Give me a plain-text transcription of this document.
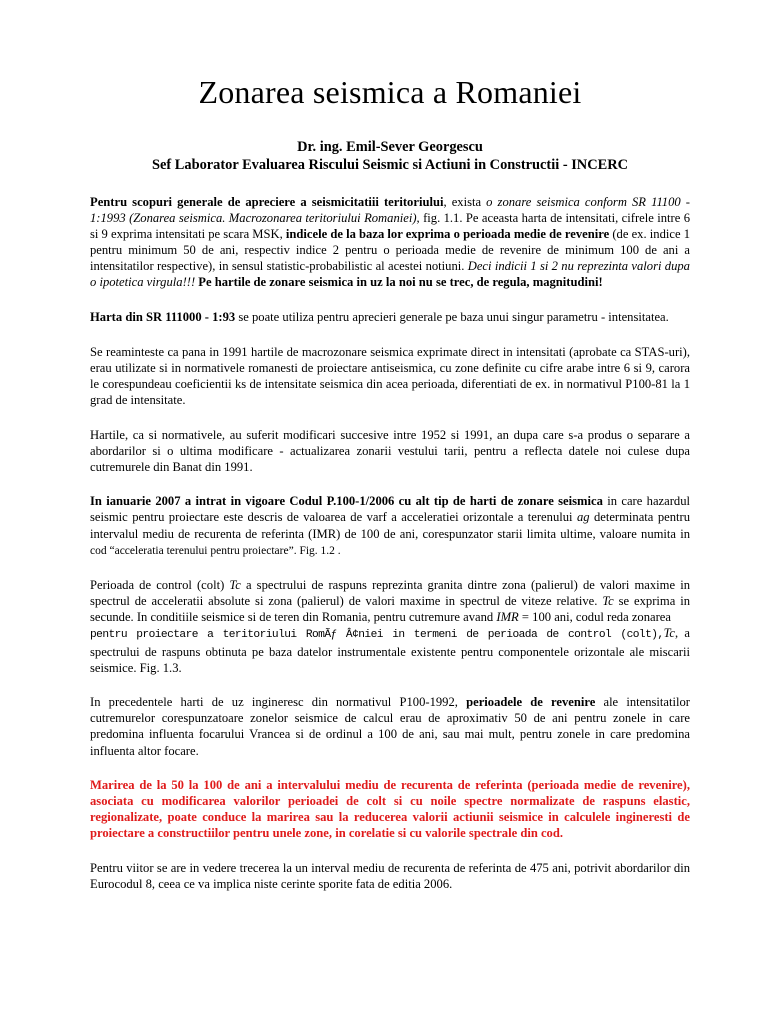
Zonarea seismica a Romaniei
Dr. ing. Emil-Sever Georgescu
Sef Laborator Evaluarea Riscului Seismic si Actiuni in Constructii - INCERC

Pentru scopuri generale de apreciere a seismicitatiii teritoriului, exista o zonare seismica conform SR 11100 - 1:1993 (Zonarea seismica. Macrozonarea teritoriului Romaniei), fig. 1.1. Pe aceasta harta de intensitati, cifrele intre 6 si 9 exprima intensitati pe scara MSK, indicele de la baza lor exprima o perioada medie de revenire (de ex. indice 1 pentru minimum 50 de ani, respectiv indice 2 pentru o perioada medie de revenire de minimum 100 de ani a intensitatilor respective), in sensul statistic-probabilistic al acestei notiuni. Deci indicii 1 si 2 nu reprezinta valori dupa o ipotetica virgula!!! Pe hartile de zonare seismica in uz la noi nu se trec, de regula, magnitudini!

Harta din SR 111000 - 1:93 se poate utiliza pentru aprecieri generale pe baza unui singur parametru - intensitatea.

Se reaminteste ca pana in 1991 hartile de macrozonare seismica exprimate direct in intensitati (aprobate ca STAS-uri), erau utilizate si in normativele romanesti de proiectare antiseismica, cu zone definite cu cifre arabe intre 6 si 9, carora le corespundeau coeficientii ks de intensitate seismica din acea perioada, diferentiati de ex. in normativul P100-81 la 1 grad de intensitate.

Hartile, ca si normativele, au suferit modificari succesive intre 1952 si 1991, an dupa care s-a produs o separare a abordarilor si o ultima modificare - actualizarea zonarii vestului tarii, pentru a reflecta datele noi culese dupa cutremurele din Banat din 1991.

In ianuarie 2007 a intrat in vigoare Codul P.100-1/2006 cu alt tip de harti de zonare seismica in care hazardul seismic pentru proiectare este descris de valoarea de varf a acceleratiei orizontale a terenului ag determinata pentru intervalul mediu de recurenta de referinta (IMR) de 100 de ani, corespunzator starii limita ultime, valoare numita in cod “acceleratia terenului pentru proiectare”. Fig. 1.2 .

Perioada de control (colt) Tc a spectrului de raspuns reprezinta granita dintre zona (palierul) de valori maxime in spectrul de acceleratii absolute si zona (palierul) de valori maxime in spectrul de viteze relative. Tc se exprima in secunde. In conditiile seismice si de teren din Romania, pentru cutremure avand IMR = 100 ani, codul reda zonarea
pentru proiectare a teritoriului RomÃƒ Â¢niei in termeni de perioada de control (colt),Tc, a spectrului de raspuns obtinuta pe baza datelor instrumentale existente pentru componentele orizontale ale miscarii seismice. Fig. 1.3.

In precedentele harti de uz ingineresc din normativul P100-1992, perioadele de revenire ale intensitatilor cutremurelor corespunzatoare zonelor seismice de calcul erau de aproximativ 50 de ani pentru zonele in care predomina influenta focarului Vrancea si de ordinul a 100 de ani, sau mai mult, pentru zonele in care predomina influenta altor focare.

Marirea de la 50 la 100 de ani a intervalului mediu de recurenta de referinta (perioada medie de revenire), asociata cu modificarea valorilor perioadei de colt si cu noile spectre normalizate de raspuns elastic, regionalizate, poate conduce la marirea sau la reducerea valorii actiunii seismice in calculele ingineresti de proiectare a constructiilor pentru unele zone, in corelatie si cu valorile spectrale din cod.

Pentru viitor se are in vedere trecerea la un interval mediu de recurenta de referinta de 475 ani, potrivit abordarilor din Eurocodul 8, ceea ce va implica niste cerinte sporite fata de editia 2006.
